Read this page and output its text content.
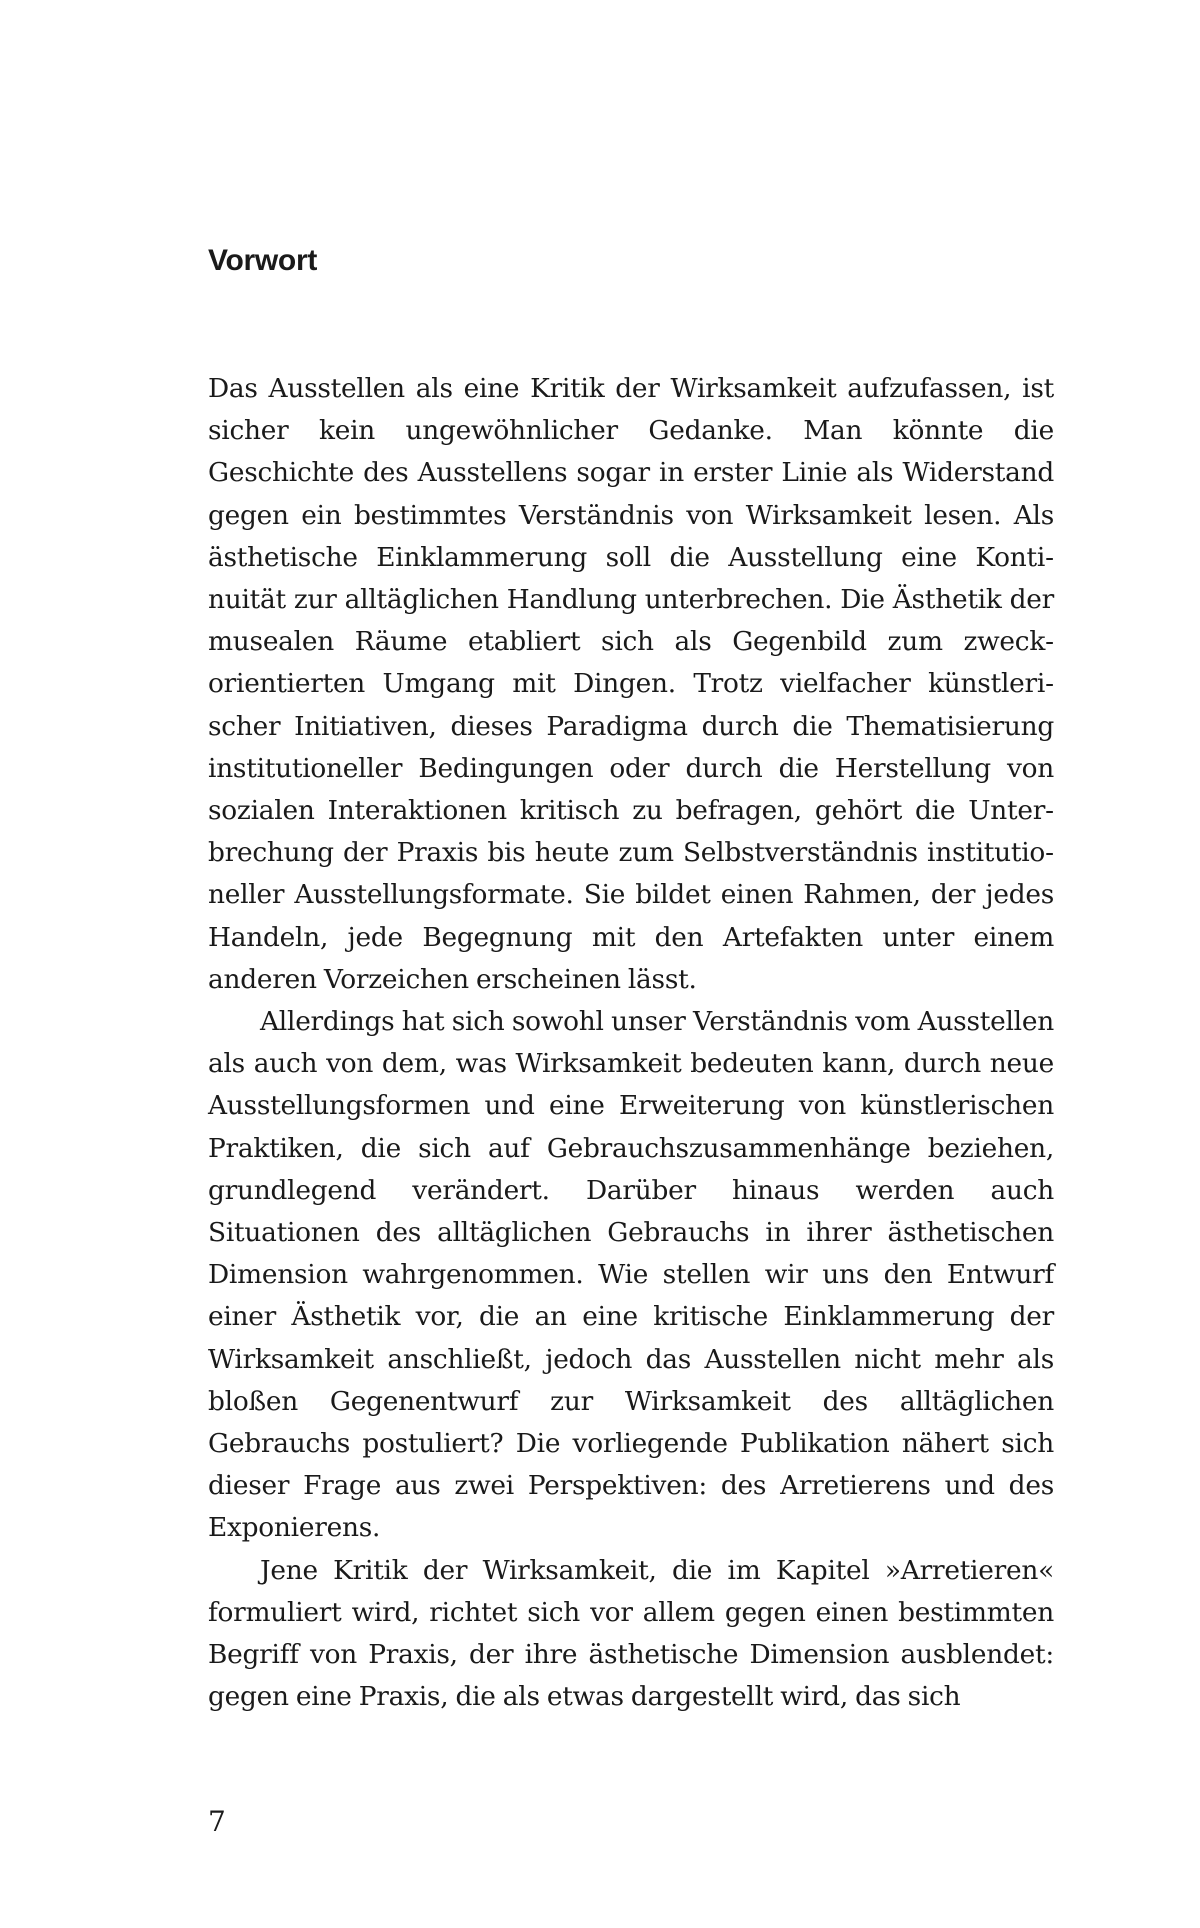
Vorwort

Das Ausstellen als eine Kritik der Wirksamkeit aufzufassen, ist sicher kein ungewöhnlicher Gedanke. Man könnte die Geschichte des Ausstellens sogar in erster Linie als Widerstand gegen ein bestimmtes Verständnis von Wirksamkeit lesen. Als ästhetische Einklammerung soll die Ausstellung eine Kontinuität zur alltäglichen Handlung unterbrechen. Die Ästhetik der musealen Räume etabliert sich als Gegenbild zum zweckorientierten Umgang mit Dingen. Trotz vielfacher künstlerischer Initiativen, dieses Paradigma durch die Thematisierung institutioneller Bedingungen oder durch die Herstellung von sozialen Interaktionen kritisch zu befragen, gehört die Unterbrechung der Praxis bis heute zum Selbstverständnis institutioneller Ausstellungsformate. Sie bildet einen Rahmen, der jedes Handeln, jede Begegnung mit den Artefakten unter einem anderen Vorzeichen erscheinen lässt.

Allerdings hat sich sowohl unser Verständnis vom Ausstellen als auch von dem, was Wirksamkeit bedeuten kann, durch neue Ausstellungsformen und eine Erweiterung von künstlerischen Praktiken, die sich auf Gebrauchszusammenhänge beziehen, grundlegend verändert. Darüber hinaus werden auch Situationen des alltäglichen Gebrauchs in ihrer ästhetischen Dimension wahrgenommen. Wie stellen wir uns den Entwurf einer Ästhetik vor, die an eine kritische Einklammerung der Wirksamkeit anschließt, jedoch das Ausstellen nicht mehr als bloßen Gegenentwurf zur Wirksamkeit des alltäglichen Gebrauchs postuliert? Die vorliegende Publikation nähert sich dieser Frage aus zwei Perspektiven: des Arretierens und des Exponierens.

Jene Kritik der Wirksamkeit, die im Kapitel »Arretieren« formuliert wird, richtet sich vor allem gegen einen bestimmten Begriff von Praxis, der ihre ästhetische Dimension ausblendet: gegen eine Praxis, die als etwas dargestellt wird, das sich

7
